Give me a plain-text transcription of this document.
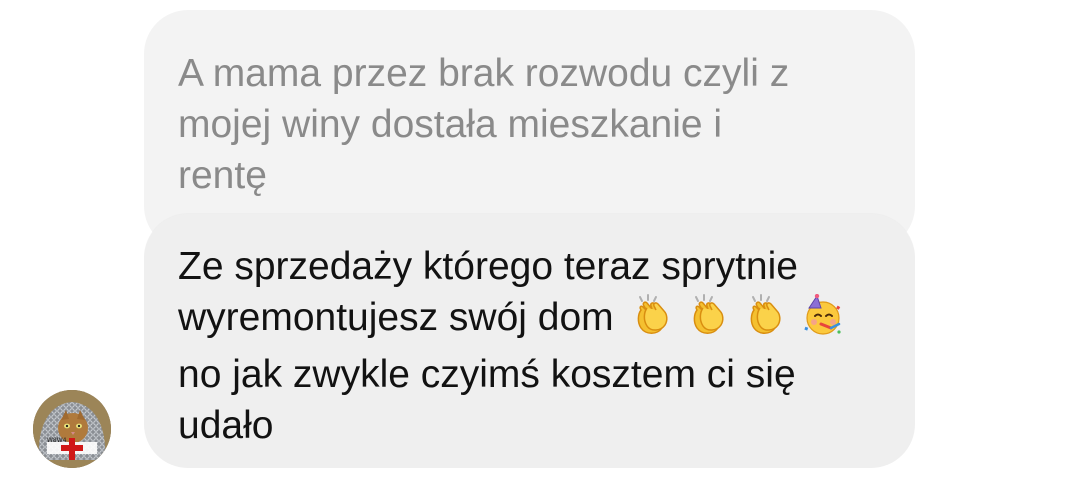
A mama przez brak rozwodu czyli z
mojej winy dostała mieszkanie i
rentę
Ze sprzedaży którego teraz sprytnie
wyremontujesz swój dom
no jak zwykle czyimś kosztem ci się
udało
W8W4
